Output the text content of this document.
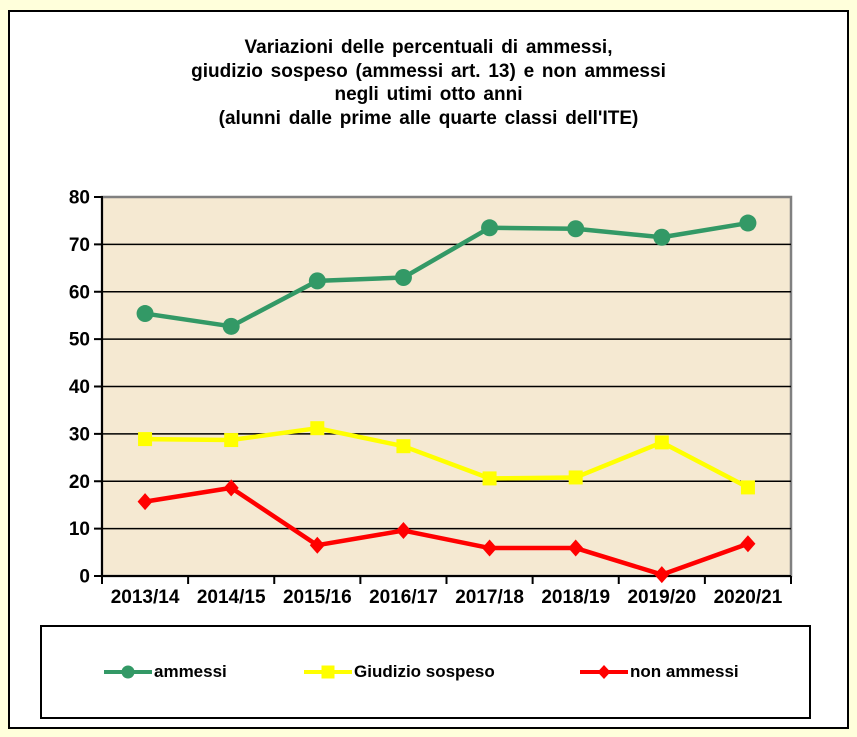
Variazioni delle percentuali di ammessi,
giudizio sospeso (ammessi art. 13) e non ammessi
negli utimi otto anni
(alunni dalle prime alle quarte classi dell'ITE)
ammessi	Giudizio sospeso	non ammessi
0
10
20
30
40
50
60
70
80
2013/14 2014/15 2015/16 2016/17 2017/18 2018/19 2019/20 2020/21
